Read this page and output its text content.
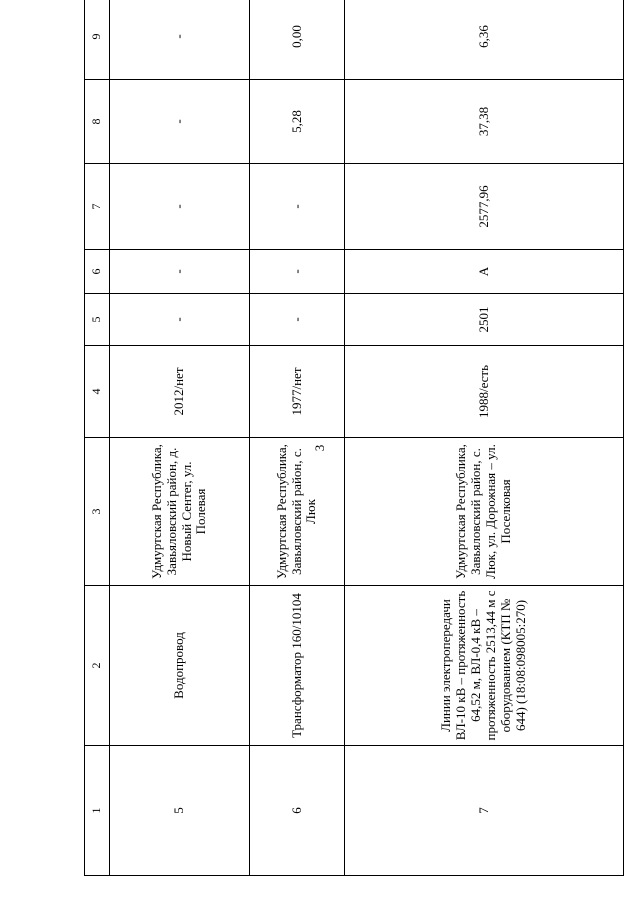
3
1	2	3	4	5	6	7	8	9		
5	Водопровод	Удмуртская Республика, Завьяловский район, д. Новый Сентег, ул. Полевая	2012/нет	-	-	-	-	-		
6	Трансформатор 160/10104	Удмуртская Республика, Завьяловский район, с. Люк	1977/нет	-	-	-	5,28	0,00		
7	Линии электропередачи ВЛ-10 кВ – протяженность 64,52 м, ВЛ-0,4 кВ – протяженность 2513,44 м с оборудованием (КТП № 644) (18:08:098005:270)	Удмуртская Республика, Завьяловский район, с. Люк, ул. Дорожная – ул. Поселковая	1988/есть	2501	А	2577,96	37,38	6,36		
